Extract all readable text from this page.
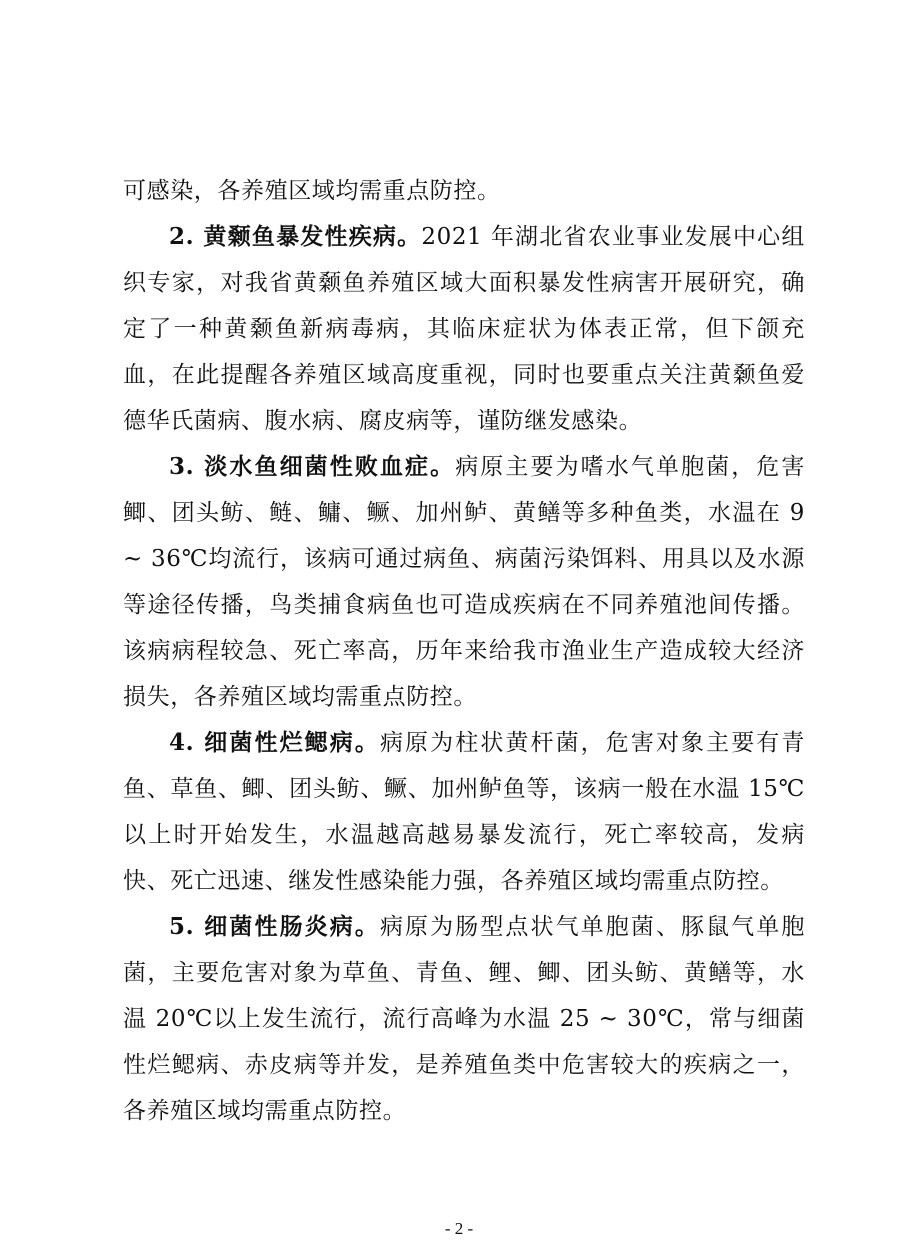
可感染，各养殖区域均需重点防控。

2. 黄颡鱼暴发性疾病。2021 年湖北省农业事业发展中心组织专家，对我省黄颡鱼养殖区域大面积暴发性病害开展研究，确定了一种黄颡鱼新病毒病，其临床症状为体表正常，但下颌充血，在此提醒各养殖区域高度重视，同时也要重点关注黄颡鱼爱德华氏菌病、腹水病、腐皮病等，谨防继发感染。

3. 淡水鱼细菌性败血症。病原主要为嗜水气单胞菌，危害鲫、团头鲂、鲢、鳙、鳜、加州鲈、黄鳝等多种鱼类，水温在 9 ~ 36℃均流行，该病可通过病鱼、病菌污染饵料、用具以及水源等途径传播，鸟类捕食病鱼也可造成疾病在不同养殖池间传播。该病病程较急、死亡率高，历年来给我市渔业生产造成较大经济损失，各养殖区域均需重点防控。

4. 细菌性烂鳃病。病原为柱状黄杆菌，危害对象主要有青鱼、草鱼、鲫、团头鲂、鳜、加州鲈鱼等，该病一般在水温 15℃以上时开始发生，水温越高越易暴发流行，死亡率较高，发病快、死亡迅速、继发性感染能力强，各养殖区域均需重点防控。

5. 细菌性肠炎病。病原为肠型点状气单胞菌、豚鼠气单胞菌，主要危害对象为草鱼、青鱼、鲤、鲫、团头鲂、黄鳝等，水温 20℃以上发生流行，流行高峰为水温 25 ~ 30℃，常与细菌性烂鳃病、赤皮病等并发，是养殖鱼类中危害较大的疾病之一，各养殖区域均需重点防控。

- 2 -
